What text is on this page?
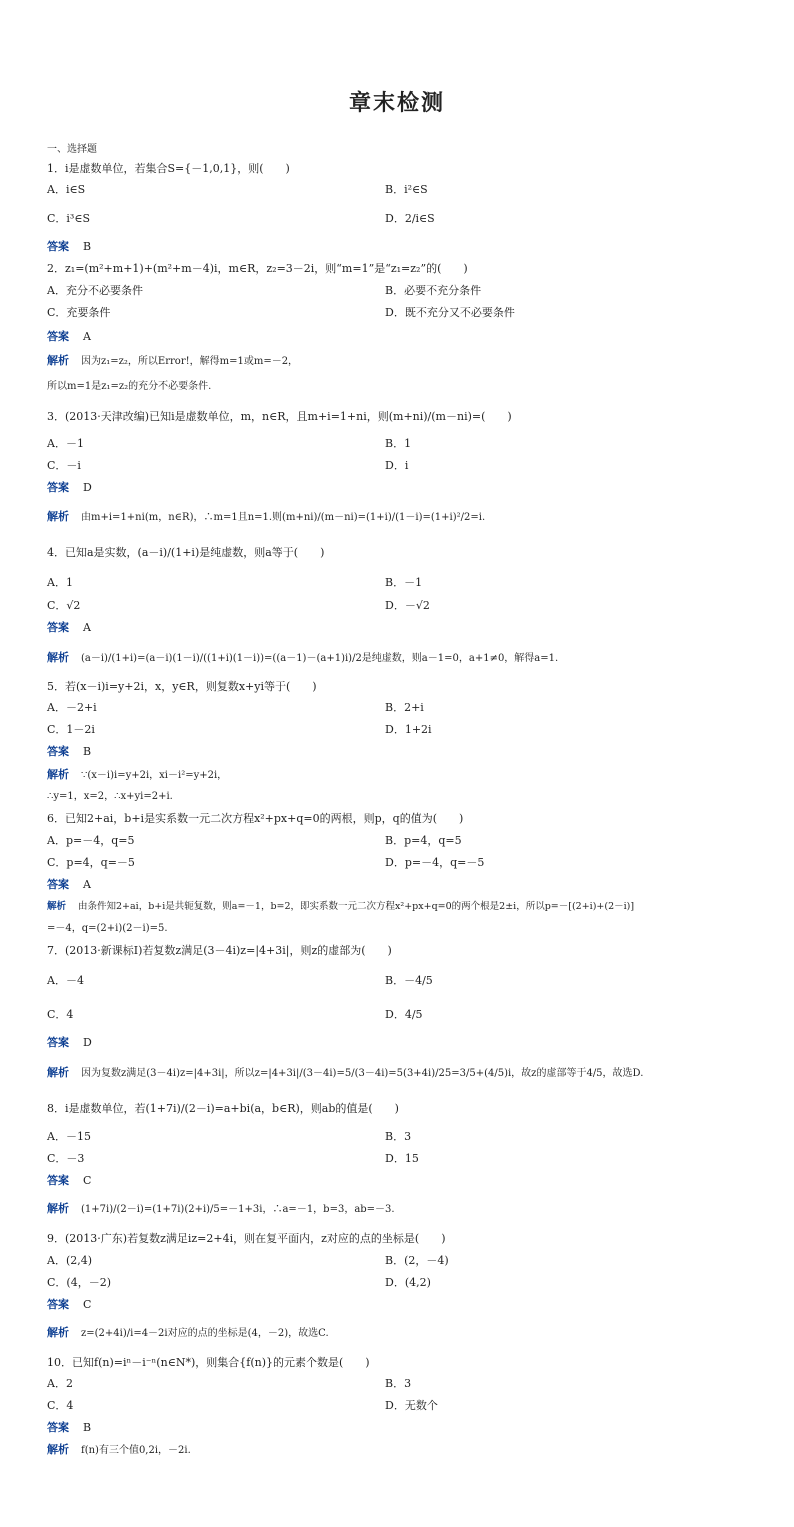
章末检测
一、选择题
1．i是虚数单位，若集合S={－1,0,1}，则(　　)
A．i∈S	B．i²∈S
C．i³∈S	D．2/i∈S
答案 B
2．z₁=(m²+m+1)+(m²+m－4)i，m∈R，z₂=3－2i，则“m=1”是“z₁=z₂”的(　　)
A．充分不必要条件	B．必要不充分条件
C．充要条件	D．既不充分又不必要条件
答案 A
解析 因为z₁=z₂，所以Error!，解得m=1或m=－2，
所以m=1是z₁=z₂的充分不必要条件.
3．(2013·天津改编)已知i是虚数单位，m，n∈R，且m+i=1+ni，则(m+ni)/(m－ni)=(　　)
A．－1	B．1
C．－i	D．i
答案 D
解析 由m+i=1+ni(m，n∈R)，∴m=1且n=1.则(m+ni)/(m－ni)=(1+i)/(1－i)=(1+i)²/2=i.
4．已知a是实数，(a－i)/(1+i)是纯虚数，则a等于(　　)
A．1	B．－1
C．√2	D．－√2
答案 A
解析 (a－i)/(1+i)=(a－i)(1－i)/((1+i)(1－i))=((a－1)－(a+1)i)/2是纯虚数，则a－1=0，a+1≠0，解得a=1.
5．若(x－i)i=y+2i，x，y∈R，则复数x+yi等于(　　)
A．－2+i	B．2+i
C．1－2i	D．1+2i
答案 B
解析 ∵(x－i)i=y+2i，xi－i²=y+2i，
∴y=1，x=2，∴x+yi=2+i.
6．已知2+ai，b+i是实系数一元二次方程x²+px+q=0的两根，则p，q的值为(　　)
A．p=－4，q=5	B．p=4，q=5
C．p=4，q=－5	D．p=－4，q=－5
答案 A
解析 由条件知2+ai，b+i是共轭复数，则a=－1，b=2，即实系数一元二次方程x²+px+q=0的两个根是2±i，所以p=－[(2+i)+(2－i)]
=－4，q=(2+i)(2－i)=5.
7．(2013·新课标Ⅰ)若复数z满足(3－4i)z=|4+3i|，则z的虚部为(　　)
A．－4	B．－4/5
C．4	D．4/5
答案 D
解析 因为复数z满足(3－4i)z=|4+3i|，所以z=|4+3i|/(3－4i)=5/(3－4i)=5(3+4i)/25=3/5+(4/5)i，故z的虚部等于4/5，故选D.
8．i是虚数单位，若(1+7i)/(2－i)=a+bi(a，b∈R)，则ab的值是(　　)
A．－15	B．3
C．－3	D．15
答案 C
解析 (1+7i)/(2－i)=(1+7i)(2+i)/5=－1+3i，∴a=－1，b=3，ab=－3.
9．(2013·广东)若复数z满足iz=2+4i，则在复平面内，z对应的点的坐标是(　　)
A．(2,4)	B．(2，－4)
C．(4，－2)	D．(4,2)
答案 C
解析 z=(2+4i)/i=4－2i对应的点的坐标是(4，－2)，故选C.
10．已知f(n)=iⁿ－i⁻ⁿ(n∈N*)，则集合{f(n)}的元素个数是(　　)
A．2	B．3
C．4	D．无数个
答案 B
解析 f(n)有三个值0,2i，－2i.
